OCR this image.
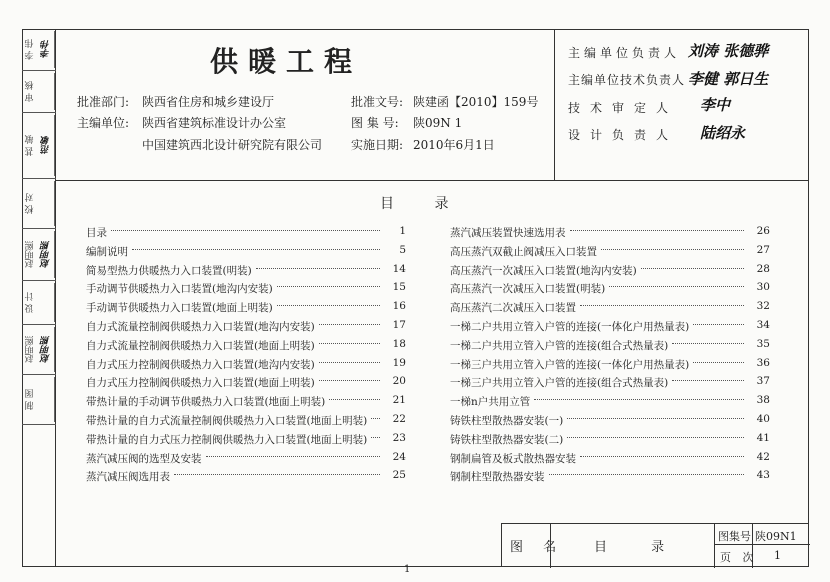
李 伟 李伟
审 核
甚 敏 范敏
校 对
赵明熙 赵明熙
设 计
赵明熙 赵明熙
制 图
供暖工程
批准部门: 陕西省住房和城乡建设厅
主编单位: 陕西省建筑标准设计办公室
中国建筑西北设计研究院有限公司
批准文号: 陕建函【2010】159号
图 集 号: 陕09N 1
实施日期: 2010年6月1日
主编单位负责人 刘涛 张德骅
主编单位技术负责人 李健 郭日生
技术审定人 李中
设计负责人 陆绍永
目 录
目录	1
编制说明	5
简易型热力供暖热力入口装置(明装)	14
手动调节供暖热力入口装置(地沟内安装)	15
手动调节供暖热力入口装置(地面上明装)	16
自力式流量控制阀供暖热力入口装置(地沟内安装)	17
自力式流量控制阀供暖热力入口装置(地面上明装)	18
自力式压力控制阀供暖热力入口装置(地沟内安装)	19
自力式压力控制阀供暖热力入口装置(地面上明装)	20
带热计量的手动调节供暖热力入口装置(地面上明装)	21
带热计量的自力式流量控制阀供暖热力入口装置(地面上明装)	22
带热计量的自力式压力控制阀供暖热力入口装置(地面上明装)	23
蒸汽减压阀的选型及安装	24
蒸汽减压阀选用表	25
蒸汽减压装置快速选用表	26
高压蒸汽双截止阀减压入口装置	27
高压蒸汽一次减压入口装置(地沟内安装)	28
高压蒸汽一次减压入口装置(明装)	30
高压蒸汽二次减压入口装置	32
一梯二户共用立管入户管的连接(一体化户用热量表)	34
一梯二户共用立管入户管的连接(组合式热量表)	35
一梯三户共用立管入户管的连接(一体化户用热量表)	36
一梯三户共用立管入户管的连接(组合式热量表)	37
一梯n户共用立管	38
铸铁柱型散热器安装(一)	40
铸铁柱型散热器安装(二)	41
钢制扁管及板式散热器安装	42
钢制柱型散热器安装	43
图 名 目 录
图集号 陕09N1
页 次 1
1
